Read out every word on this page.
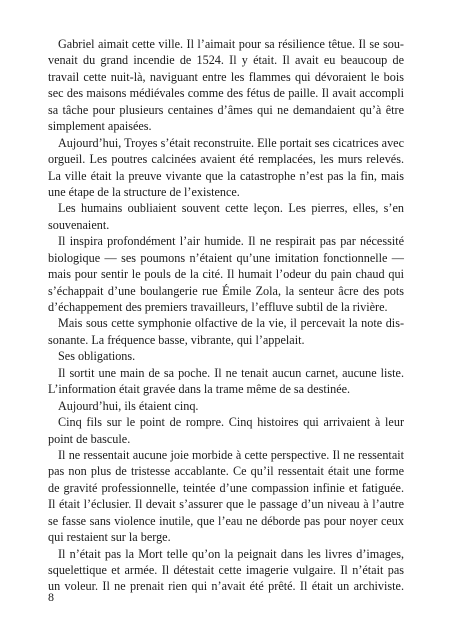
Gabriel aimait cette ville. Il l’aimait pour sa résilience têtue. Il se sou-
venait du grand incendie de 1524. Il y était. Il avait eu beaucoup de
travail cette nuit-là, naviguant entre les flammes qui dévoraient le bois
sec des maisons médiévales comme des fétus de paille. Il avait accompli
sa tâche pour plusieurs centaines d’âmes qui ne demandaient qu’à être
simplement apaisées.
Aujourd’hui, Troyes s’était reconstruite. Elle portait ses cicatrices avec
orgueil. Les poutres calcinées avaient été remplacées, les murs relevés.
La ville était la preuve vivante que la catastrophe n’est pas la fin, mais
une étape de la structure de l’existence.
Les humains oubliaient souvent cette leçon. Les pierres, elles, s’en
souvenaient.
Il inspira profondément l’air humide. Il ne respirait pas par nécessité
biologique — ses poumons n’étaient qu’une imitation fonctionnelle —
mais pour sentir le pouls de la cité. Il humait l’odeur du pain chaud qui
s’échappait d’une boulangerie rue Émile Zola, la senteur âcre des pots
d’échappement des premiers travailleurs, l’effluve subtil de la rivière.
Mais sous cette symphonie olfactive de la vie, il percevait la note dis-
sonante. La fréquence basse, vibrante, qui l’appelait.
Ses obligations.
Il sortit une main de sa poche. Il ne tenait aucun carnet, aucune liste.
L’information était gravée dans la trame même de sa destinée.
Aujourd’hui, ils étaient cinq.
Cinq fils sur le point de rompre. Cinq histoires qui arrivaient à leur
point de bascule.
Il ne ressentait aucune joie morbide à cette perspective. Il ne ressentait
pas non plus de tristesse accablante. Ce qu’il ressentait était une forme
de gravité professionnelle, teintée d’une compassion infinie et fatiguée.
Il était l’éclusier. Il devait s’assurer que le passage d’un niveau à l’autre
se fasse sans violence inutile, que l’eau ne déborde pas pour noyer ceux
qui restaient sur la berge.
Il n’était pas la Mort telle qu’on la peignait dans les livres d’images,
squelettique et armée. Il détestait cette imagerie vulgaire. Il n’était pas
un voleur. Il ne prenait rien qui n’avait été prêté. Il était un archiviste.
8
